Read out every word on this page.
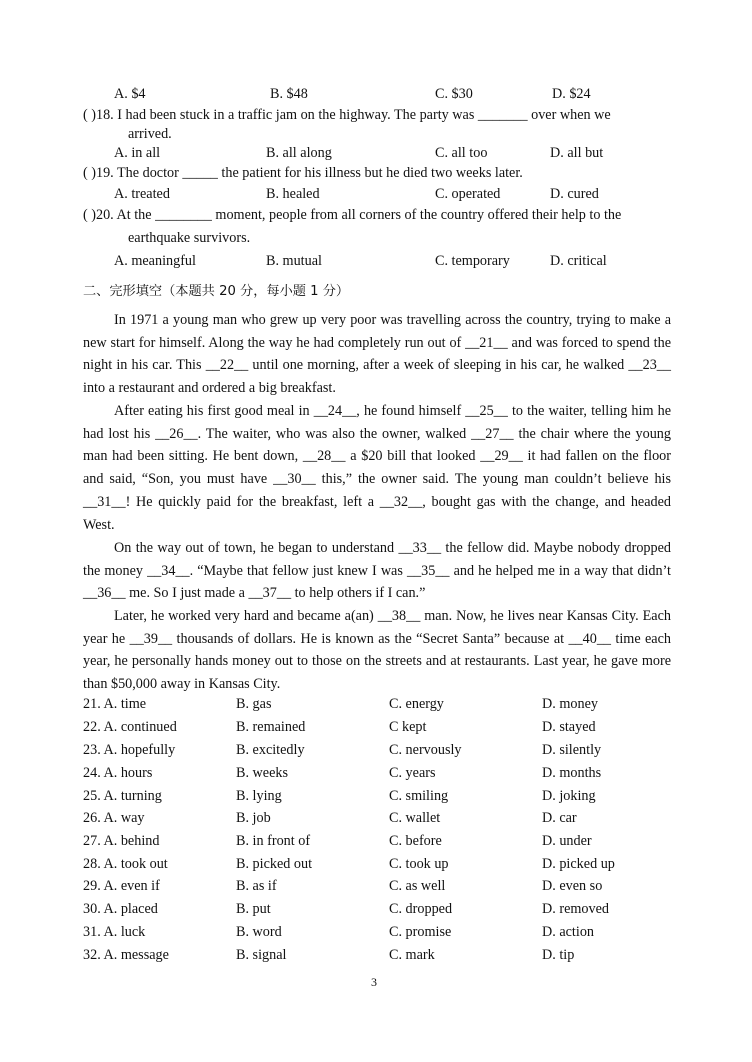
A. $4	B. $48	C. $30	D. $24
( )18. I had been stuck in a traffic jam on the highway. The party was _______ over when we
arrived.
A. in all	B. all along	C. all too	D. all but
( )19. The doctor _____ the patient for his illness but he died two weeks later.
A. treated	B. healed	C. operated	D. cured
( )20. At the ________ moment, people from all corners of the country offered their help to the
earthquake survivors.
A. meaningful	B. mutual	C. temporary	D. critical
二、完形填空（本题共 20 分，每小题 1 分）

In 1971 a young man who grew up very poor was travelling across the country, trying to make a new start for himself. Along the way he had completely run out of __21__ and was forced to spend the night in his car. This __22__ until one morning, after a week of sleeping in his car, he walked __23__ into a restaurant and ordered a big breakfast.

After eating his first good meal in __24__, he found himself __25__ to the waiter, telling him he had lost his __26__. The waiter, who was also the owner, walked __27__ the chair where the young man had been sitting. He bent down, __28__ a $20 bill that looked __29__ it had fallen on the floor and said, “Son, you must have __30__ this,” the owner said. The young man couldn’t believe his __31__! He quickly paid for the breakfast, left a __32__, bought gas with the change, and headed West.

On the way out of town, he began to understand __33__ the fellow did. Maybe nobody dropped the money __34__. “Maybe that fellow just knew I was __35__ and he helped me in a way that didn’t __36__ me. So I just made a __37__ to help others if I can.”

Later, he worked very hard and became a(an) __38__ man. Now, he lives near Kansas City. Each year he __39__ thousands of dollars. He is known as the “Secret Santa” because at __40__ time each year, he personally hands money out to those on the streets and at restaurants. Last year, he gave more than $50,000 away in Kansas City.

21. A. time	B. gas	C. energy	D. money
22. A. continued	B. remained	C kept	D. stayed
23. A. hopefully	B. excitedly	C. nervously	D. silently
24. A. hours	B. weeks	C. years	D. months
25. A. turning	B. lying	C. smiling	D. joking
26. A. way	B. job	C. wallet	D. car
27. A. behind	B. in front of	C. before	D. under
28. A. took out	B. picked out	C. took up	D. picked up
29. A. even if	B. as if	C. as well	D. even so
30. A. placed	B. put	C. dropped	D. removed
31. A. luck	B. word	C. promise	D. action
32. A. message	B. signal	C. mark	D. tip
3
